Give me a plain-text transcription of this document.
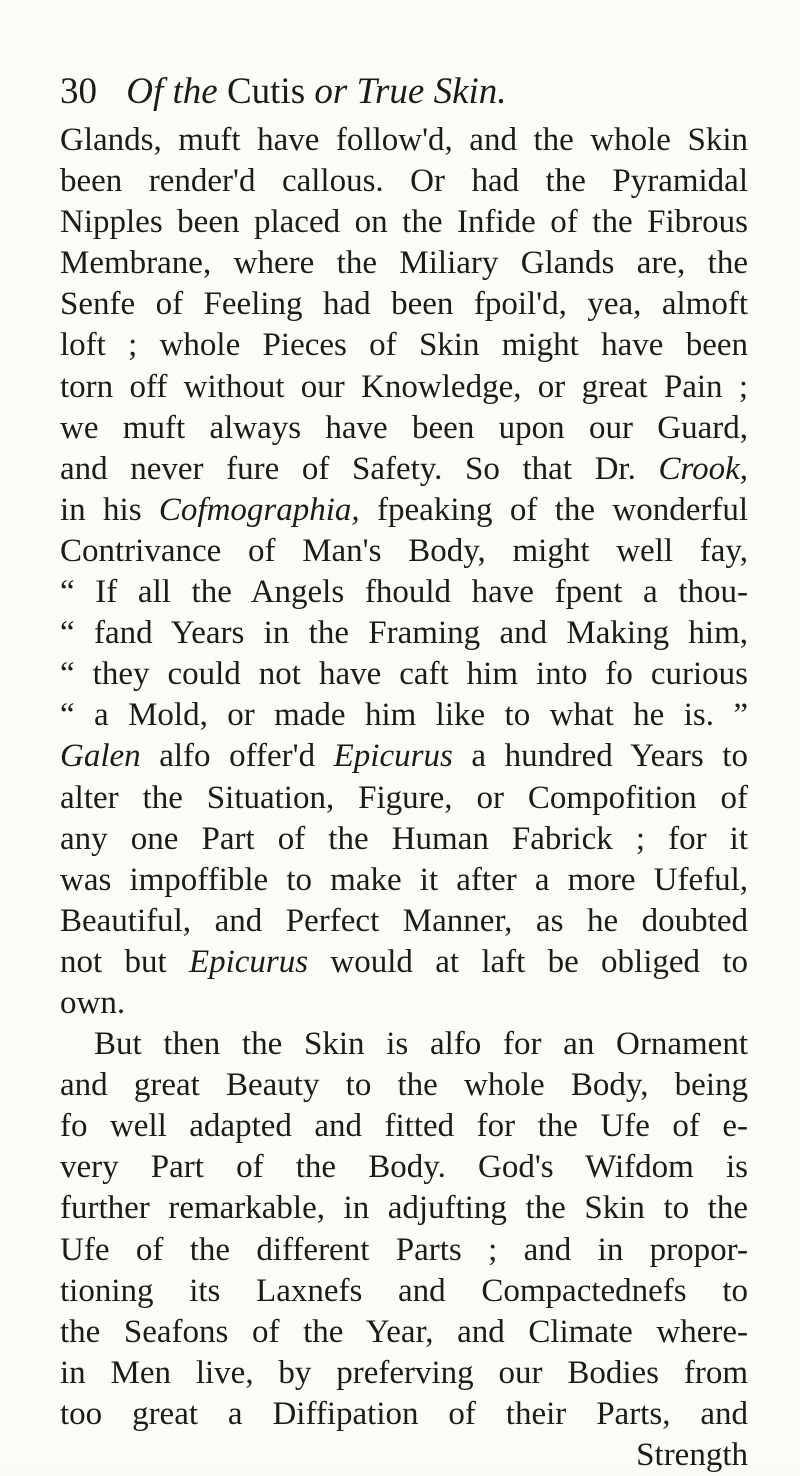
30 Of the Cutis or True Skin.
Glands, muft have follow'd, and the whole Skin
been render'd callous. Or had the Pyramidal
Nipples been placed on the Infide of the Fibrous
Membrane, where the Miliary Glands are, the
Senfe of Feeling had been fpoil'd, yea, almoft
loft ; whole Pieces of Skin might have been
torn off without our Knowledge, or great Pain ;
we muft always have been upon our Guard,
and never fure of Safety. So that Dr. Crook,
in his Cofmographia, fpeaking of the wonderful
Contrivance of Man's Body, might well fay,
“ If all the Angels fhould have fpent a thou-
“ fand Years in the Framing and Making him,
“ they could not have caft him into fo curious
“ a Mold, or made him like to what he is. ”
Galen alfo offer'd Epicurus a hundred Years to
alter the Situation, Figure, or Compofition of
any one Part of the Human Fabrick ; for it
was impoffible to make it after a more Ufeful,
Beautiful, and Perfect Manner, as he doubted
not but Epicurus would at laft be obliged to
own.
But then the Skin is alfo for an Ornament
and great Beauty to the whole Body, being
fo well adapted and fitted for the Ufe of e-
very Part of the Body. God's Wifdom is
further remarkable, in adjufting the Skin to the
Ufe of the different Parts ; and in propor-
tioning its Laxnefs and Compactednefs to
the Seafons of the Year, and Climate where-
in Men live, by preferving our Bodies from
too great a Diffipation of their Parts, and
Strength
